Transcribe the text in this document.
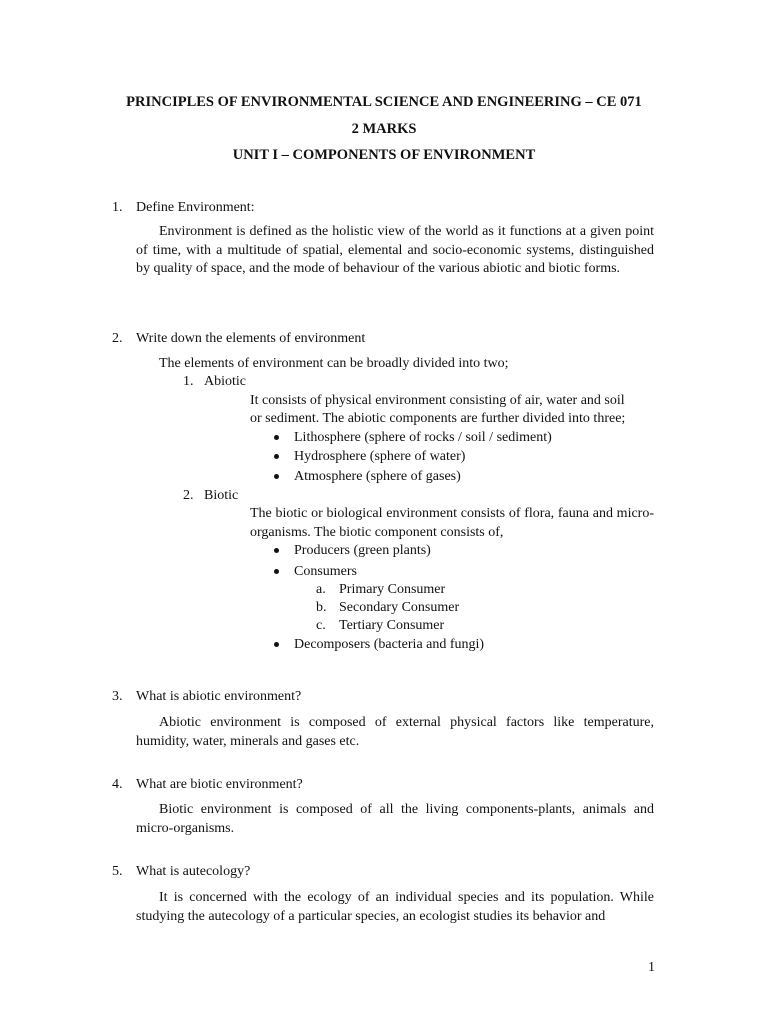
PRINCIPLES OF ENVIRONMENTAL SCIENCE AND ENGINEERING – CE 071
2 MARKS
UNIT I – COMPONENTS OF ENVIRONMENT
1. Define Environment:
Environment is defined as the holistic view of the world as it functions at a given point of time, with a multitude of spatial, elemental and socio-economic systems, distinguished by quality of space, and the mode of behaviour of the various abiotic and biotic forms.
2. Write down the elements of environment
The elements of environment can be broadly divided into two;
1. Abiotic
It consists of physical environment consisting of air, water and soil
or sediment. The abiotic components are further divided into three;
Lithosphere (sphere of rocks / soil / sediment)
Hydrosphere (sphere of water)
Atmosphere (sphere of gases)
2. Biotic
The biotic or biological environment consists of flora, fauna and micro-organisms. The biotic component consists of,
Producers (green plants)
Consumers
a. Primary Consumer
b. Secondary Consumer
c. Tertiary Consumer
Decomposers (bacteria and fungi)
3. What is abiotic environment?
Abiotic environment is composed of external physical factors like temperature, humidity, water, minerals and gases etc.
4. What are biotic environment?
Biotic environment is composed of all the living components-plants, animals and micro-organisms.
5. What is autecology?
It is concerned with the ecology of an individual species and its population. While studying the autecology of a particular species, an ecologist studies its behavior and
1
